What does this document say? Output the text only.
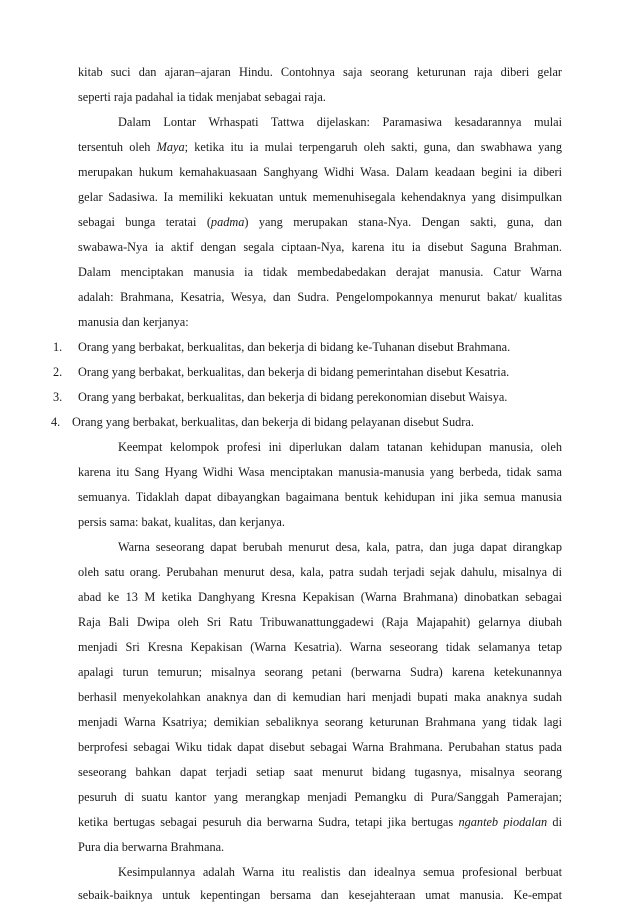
kitab suci dan ajaran–ajaran Hindu. Contohnya saja seorang keturunan raja diberi gelar
seperti raja padahal ia tidak menjabat sebagai raja.
Dalam Lontar Wrhaspati Tattwa dijelaskan: Paramasiwa kesadarannya mulai
tersentuh oleh Maya; ketika itu ia mulai terpengaruh oleh sakti, guna, dan swabhawa yang
merupakan hukum kemahakuasaan Sanghyang Widhi Wasa. Dalam keadaan begini ia diberi
gelar Sadasiwa. Ia memiliki kekuatan untuk memenuhisegala kehendaknya yang disimpulkan
sebagai bunga teratai (padma) yang merupakan stana-Nya. Dengan sakti, guna, dan
swabawa-Nya ia aktif dengan segala ciptaan-Nya, karena itu ia disebut Saguna Brahman.
Dalam menciptakan manusia ia tidak membedabedakan derajat manusia. Catur Warna
adalah: Brahmana, Kesatria, Wesya, dan Sudra. Pengelompokannya menurut bakat/ kualitas
manusia dan kerjanya:
1. Orang yang berbakat, berkualitas, dan bekerja di bidang ke-Tuhanan disebut Brahmana.
2. Orang yang berbakat, berkualitas, dan bekerja di bidang pemerintahan disebut Kesatria.
3. Orang yang berbakat, berkualitas, dan bekerja di bidang perekonomian disebut Waisya.
4. Orang yang berbakat, berkualitas, dan bekerja di bidang pelayanan disebut Sudra.
Keempat kelompok profesi ini diperlukan dalam tatanan kehidupan manusia, oleh
karena itu Sang Hyang Widhi Wasa menciptakan manusia-manusia yang berbeda, tidak sama
semuanya. Tidaklah dapat dibayangkan bagaimana bentuk kehidupan ini jika semua manusia
persis sama: bakat, kualitas, dan kerjanya.
Warna seseorang dapat berubah menurut desa, kala, patra, dan juga dapat dirangkap
oleh satu orang. Perubahan menurut desa, kala, patra sudah terjadi sejak dahulu, misalnya di
abad ke 13 M ketika Danghyang Kresna Kepakisan (Warna Brahmana) dinobatkan sebagai
Raja Bali Dwipa oleh Sri Ratu Tribuwanattunggadewi (Raja Majapahit) gelarnya diubah
menjadi Sri Kresna Kepakisan (Warna Kesatria). Warna seseorang tidak selamanya tetap
apalagi turun temurun; misalnya seorang petani (berwarna Sudra) karena ketekunannya
berhasil menyekolahkan anaknya dan di kemudian hari menjadi bupati maka anaknya sudah
menjadi Warna Ksatriya; demikian sebaliknya seorang keturunan Brahmana yang tidak lagi
berprofesi sebagai Wiku tidak dapat disebut sebagai Warna Brahmana. Perubahan status pada
seseorang bahkan dapat terjadi setiap saat menurut bidang tugasnya, misalnya seorang
pesuruh di suatu kantor yang merangkap menjadi Pemangku di Pura/Sanggah Pamerajan;
ketika bertugas sebagai pesuruh dia berwarna Sudra, tetapi jika bertugas nganteb piodalan di
Pura dia berwarna Brahmana.
Kesimpulannya adalah Warna itu realistis dan idealnya semua profesional berbuat
sebaik-baiknya untuk kepentingan bersama dan kesejahteraan umat manusia. Ke-empat
